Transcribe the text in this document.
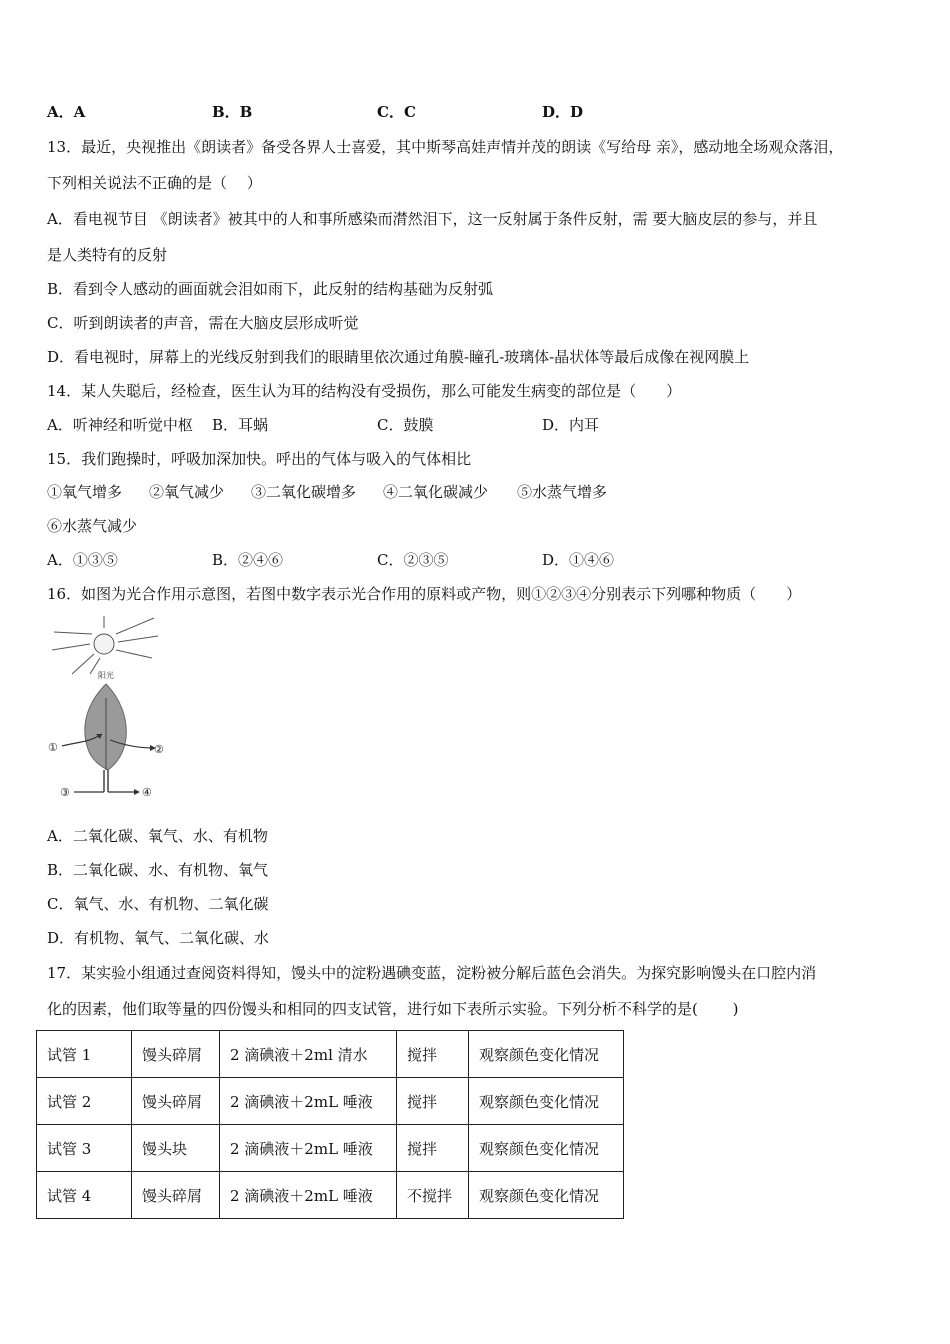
A．A	B．B	C．C	D．D
13．最近，央视推出《朗读者》备受各界人士喜爱，其中斯琴高娃声情并茂的朗读《写给母 亲》，感动地全场观众落泪，
下列相关说法不正确的是（　 ）
A．看电视节目 《朗读者》被其中的人和事所感染而潸然泪下，这一反射属于条件反射，需 要大脑皮层的参与，并且
是人类特有的反射
B．看到令人感动的画面就会泪如雨下，此反射的结构基础为反射弧
C．听到朗读者的声音，需在大脑皮层形成听觉
D．看电视时，屏幕上的光线反射到我们的眼睛里依次通过角膜-瞳孔-玻璃体-晶状体等最后成像在视网膜上
14．某人失聪后，经检查，医生认为耳的结构没有受损伤，那么可能发生病变的部位是（　　）
A．听神经和听觉中枢 B．耳蜗	C．鼓膜	D．内耳
15．我们跑操时，呼吸加深加快。呼出的气体与吸入的气体相比
①氧气增多 ②氧气减少 ③二氧化碳增多 ④二氧化碳减少 ⑤水蒸气增多
⑥水蒸气减少
A．①③⑤	B．②④⑥	C．②③⑤	D．①④⑥
16．如图为光合作用示意图，若图中数字表示光合作用的原料或产物，则①②③④分别表示下列哪种物质（　　）
阳光
①	②
③	④
A．二氧化碳、氧气、水、有机物
B．二氧化碳、水、有机物、氧气
C．氧气、水、有机物、二氧化碳
D．有机物、氧气、二氧化碳、水
17．某实验小组通过查阅资料得知，馒头中的淀粉遇碘变蓝，淀粉被分解后蓝色会消失。为探究影响馒头在口腔内消
化的因素，他们取等量的四份馒头和相同的四支试管，进行如下表所示实验。下列分析不科学的是(　　 )
试管 1	馒头碎屑	2 滴碘液＋2ml 清水	搅拌	观察颜色变化情况
试管 2	馒头碎屑	2 滴碘液＋2mL 唾液	搅拌	观察颜色变化情况
试管 3	馒头块	2 滴碘液＋2mL 唾液	搅拌	观察颜色变化情况
试管 4	馒头碎屑	2 滴碘液＋2mL 唾液	不搅拌	观察颜色变化情况
